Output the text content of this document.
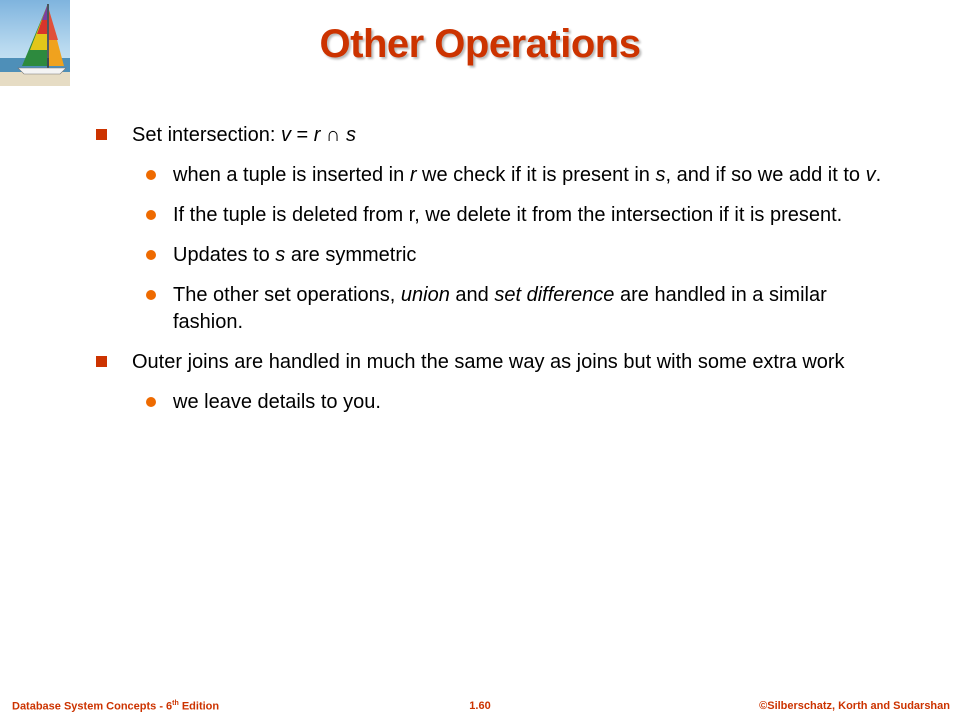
Other Operations
Set intersection: v = r ∩ s
when a tuple is inserted in r we check if it is present in s, and if so we add it to v.
If the tuple is deleted from r, we delete it from the intersection if it is present.
Updates to s are symmetric
The other set operations, union and set difference are handled in a similar fashion.
Outer joins are handled in much the same way as joins but with some extra work
we leave details to you.
Database System Concepts - 6th Edition	1.60	©Silberschatz, Korth and Sudarshan
